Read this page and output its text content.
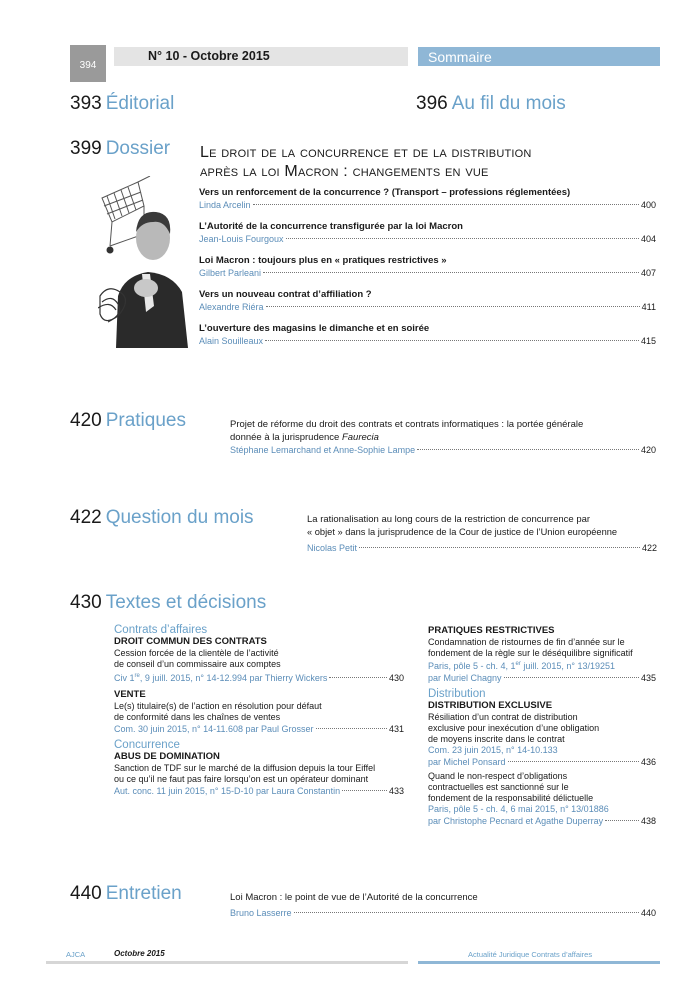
394
N° 10 - Octobre 2015	Sommaire
393 Éditorial	396 Au fil du mois
399 Dossier Le droit de la concurrence et de la distribution
après la loi Macron : changements en vue
Vers un renforcement de la concurrence ? (Transport – professions réglementées)
Linda Arcelin	400
L’Autorité de la concurrence transfigurée par la loi Macron
Jean-Louis Fourgoux	404
Loi Macron : toujours plus en « pratiques restrictives »
Gilbert Parleani	407
Vers un nouveau contrat d’affiliation ?
Alexandre Riéra	411
L’ouverture des magasins le dimanche et en soirée
Alain Souilleaux	415
420 Pratiques	Projet de réforme du droit des contrats et contrats informatiques : la portée générale
donnée à la jurisprudence Faurecia
Stéphane Lemarchand et Anne-Sophie Lampe	420
422 Question du mois	La rationalisation au long cours de la restriction de concurrence par
« objet » dans la jurisprudence de la Cour de justice de l’Union européenne
Nicolas Petit	422
430 Textes et décisions
Contrats d’affaires
DROIT COMMUN DES CONTRATS
Cession forcée de la clientèle de l’activité
de conseil d’un commissaire aux comptes
Civ 1re, 9 juill. 2015, n° 14-12.994 par Thierry Wickers	430
VENTE
Le(s) titulaire(s) de l’action en résolution pour défaut
de conformité dans les chaînes de ventes
Com. 30 juin 2015, n° 14-11.608 par Paul Grosser	431
Concurrence
ABUS DE DOMINATION
Sanction de TDF sur le marché de la diffusion depuis la tour Eiffel
ou ce qu’il ne faut pas faire lorsqu’on est un opérateur dominant
Aut. conc. 11 juin 2015, n° 15-D-10 par Laura Constantin	433
PRATIQUES RESTRICTIVES
Condamnation de ristournes de fin d’année sur le
fondement de la règle sur le déséquilibre significatif
Paris, pôle 5 - ch. 4, 1er juill. 2015, n° 13/19251
par Muriel Chagny	435
Distribution
DISTRIBUTION EXCLUSIVE
Résiliation d’un contrat de distribution
exclusive pour inexécution d’une obligation
de moyens inscrite dans le contrat
Com. 23 juin 2015, n° 14-10.133
par Michel Ponsard	436
Quand le non-respect d’obligations
contractuelles est sanctionné sur le
fondement de la responsabilité délictuelle
Paris, pôle 5 - ch. 4, 6 mai 2015, n° 13/01886
par Christophe Pecnard et Agathe Duperray	438
440 Entretien	Loi Macron : le point de vue de l’Autorité de la concurrence
Bruno Lasserre	440
AJCA	Octobre 2015	Actualité Juridique Contrats d’affaires
